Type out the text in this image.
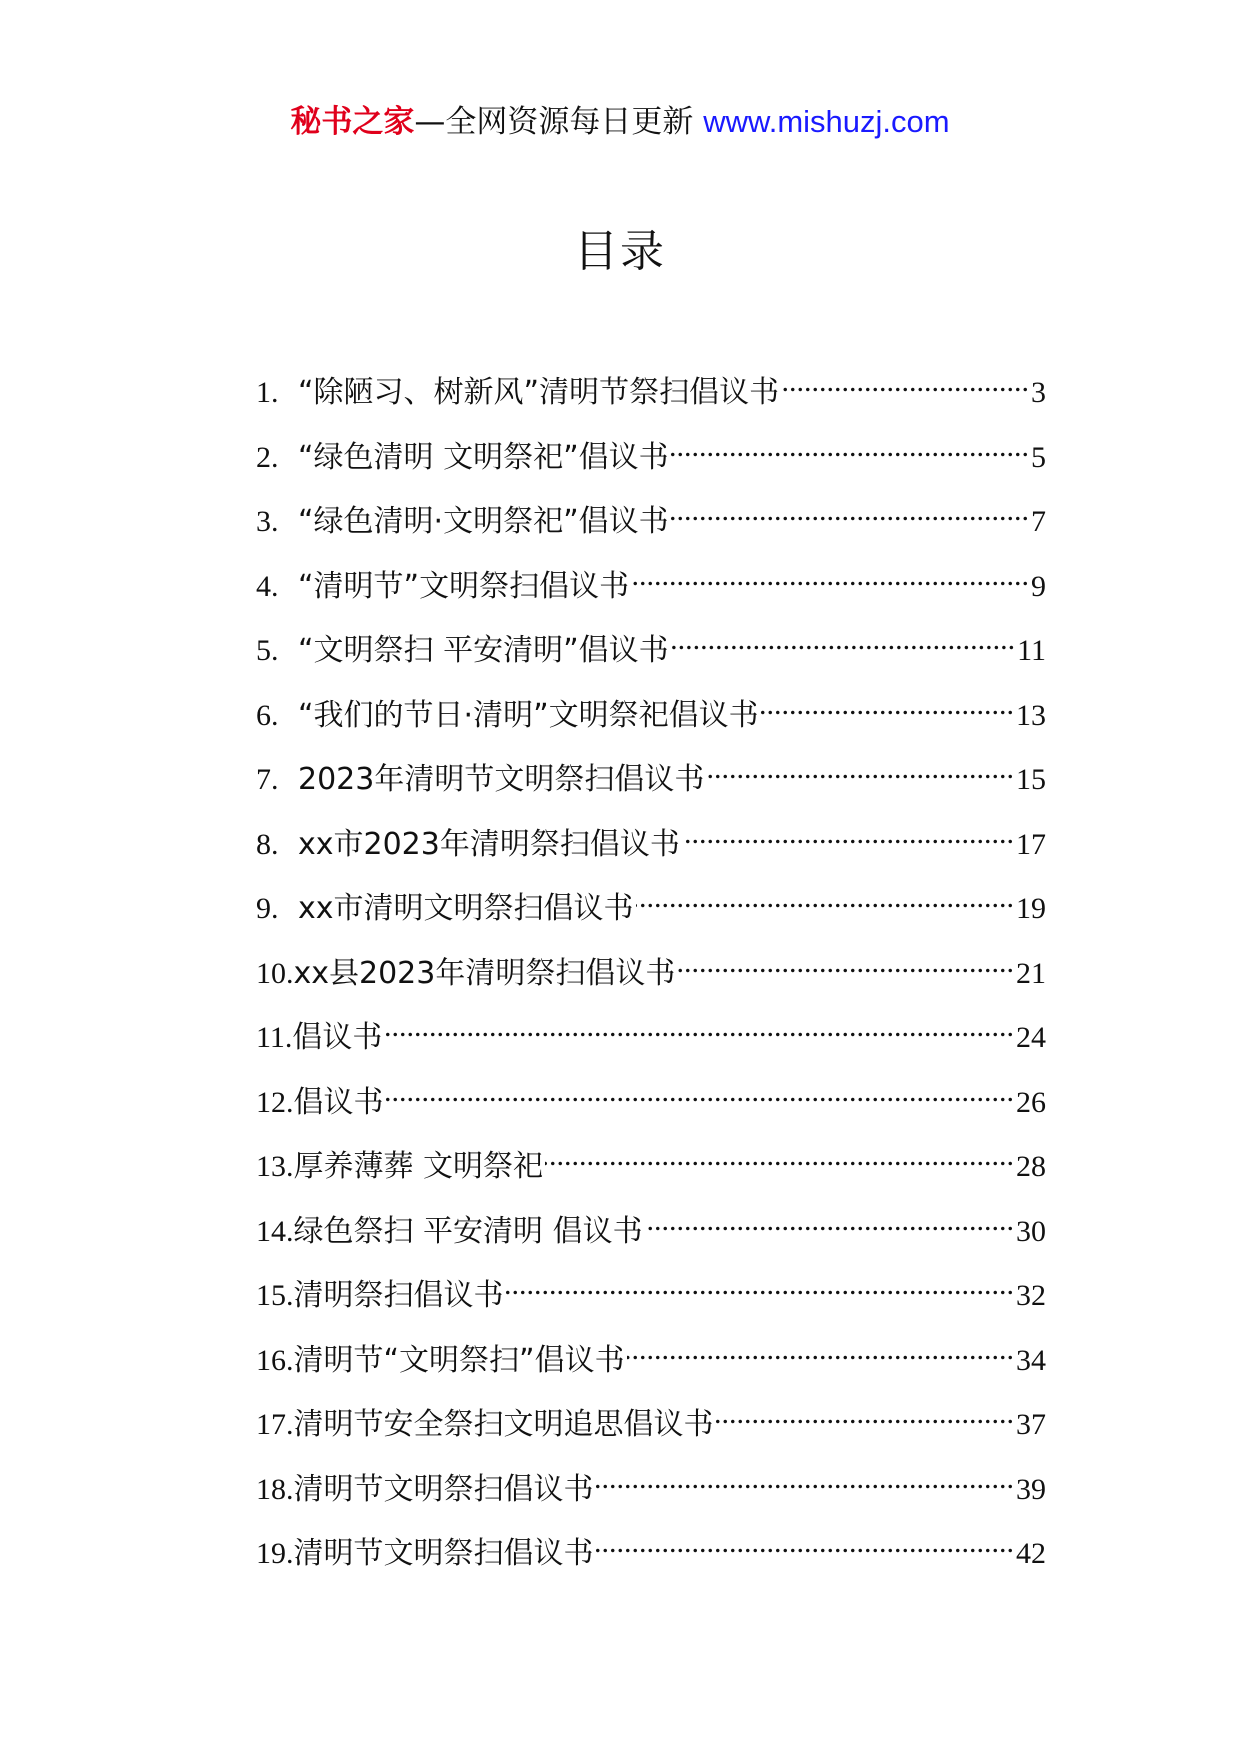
秘书之家—全网资源每日更新 www.mishuzj.com
目录
1. “除陋习、树新风”清明节祭扫倡议书 .....	3
2. “绿色清明 文明祭祀”倡议书 .....	5
3. “绿色清明·文明祭祀”倡议书 .....	7
4. “清明节”文明祭扫倡议书 .....	9
5. “文明祭扫 平安清明”倡议书 .....	11
6. “我们的节日·清明”文明祭祀倡议书 .....	13
7. 2023年清明节文明祭扫倡议书 .....	15
8. xx市2023年清明祭扫倡议书 .....	17
9. xx市清明文明祭扫倡议书 .....	19
10. xx县2023年清明祭扫倡议书 .....	21
11. 倡议书 .....	24
12. 倡议书 .....	26
13. 厚养薄葬 文明祭祀 .....	28
14. 绿色祭扫 平安清明 倡议书 .....	30
15. 清明祭扫倡议书 .....	32
16. 清明节“文明祭扫”倡议书 .....	34
17. 清明节安全祭扫文明追思倡议书 .....	37
18. 清明节文明祭扫倡议书 .....	39
19. 清明节文明祭扫倡议书 .....	42
